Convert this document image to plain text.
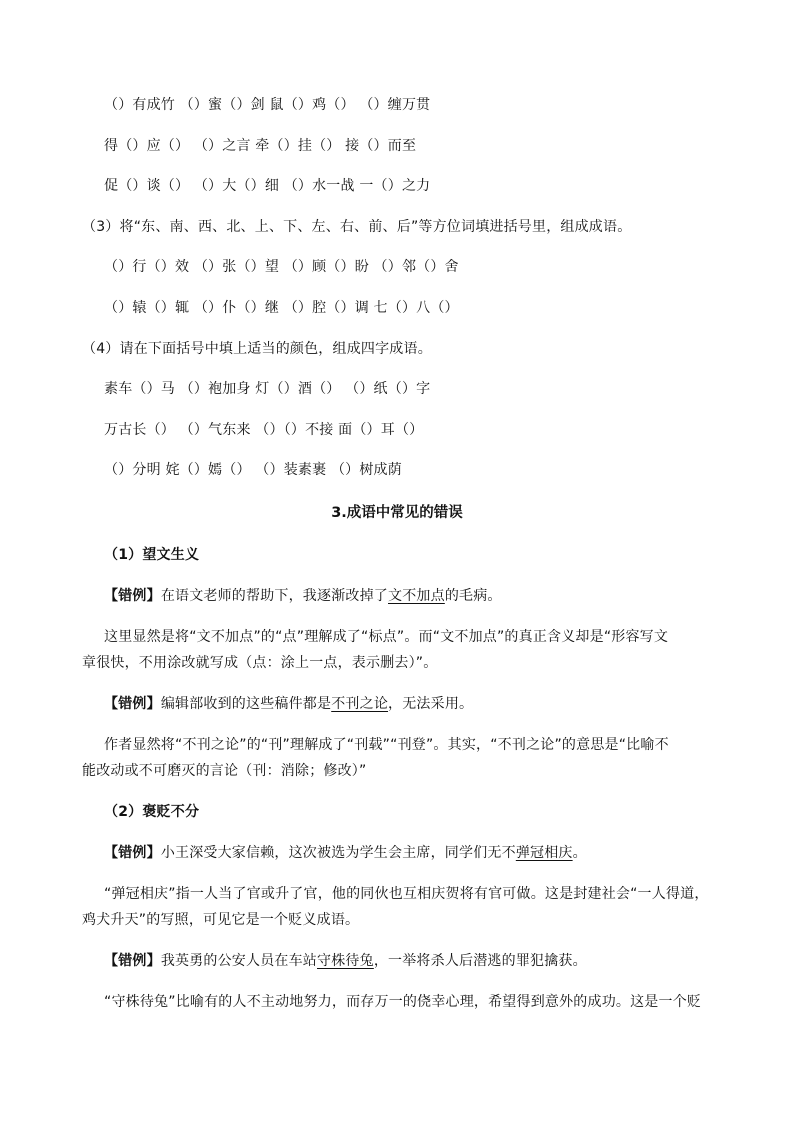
（）有成竹 （）蜜（）剑 鼠（）鸡（） （）缠万贯
得（）应（） （）之言 牵（）挂（） 接（）而至
促（）谈（） （）大（）细 （）水一战 一（）之力
（3）将“东、南、西、北、上、下、左、右、前、后”等方位词填进括号里，组成成语。
（）行（）效 （）张（）望 （）顾（）盼 （）邻（）舍
（）辕（）辄 （）仆（）继 （）腔（）调 七（）八（）
（4）请在下面括号中填上适当的颜色，组成四字成语。
素车（）马 （）袍加身 灯（）酒（） （）纸（）字
万古长（） （）气东来 （）（）不接 面（）耳（）
（）分明 姹（）嫣（） （）装素裹 （）树成荫
3.成语中常见的错误
（1）望文生义
【错例】在语文老师的帮助下，我逐渐改掉了文不加点的毛病。
这里显然是将“文不加点”的“点”理解成了“标点”。而“文不加点”的真正含义却是“形容写文
章很快，不用涂改就写成（点：涂上一点，表示删去）”。
【错例】编辑部收到的这些稿件都是不刊之论，无法采用。
作者显然将“不刊之论”的“刊”理解成了“刊载”“刊登”。其实，“不刊之论”的意思是“比喻不
能改动或不可磨灭的言论（刊：消除；修改）”
（2）褒贬不分
【错例】小王深受大家信赖，这次被选为学生会主席，同学们无不弹冠相庆。
“弹冠相庆”指一人当了官或升了官，他的同伙也互相庆贺将有官可做。这是封建社会“一人得道，
鸡犬升天”的写照，可见它是一个贬义成语。
【错例】我英勇的公安人员在车站守株待兔，一举将杀人后潜逃的罪犯擒获。
“守株待兔”比喻有的人不主动地努力，而存万一的侥幸心理，希望得到意外的成功。这是一个贬
